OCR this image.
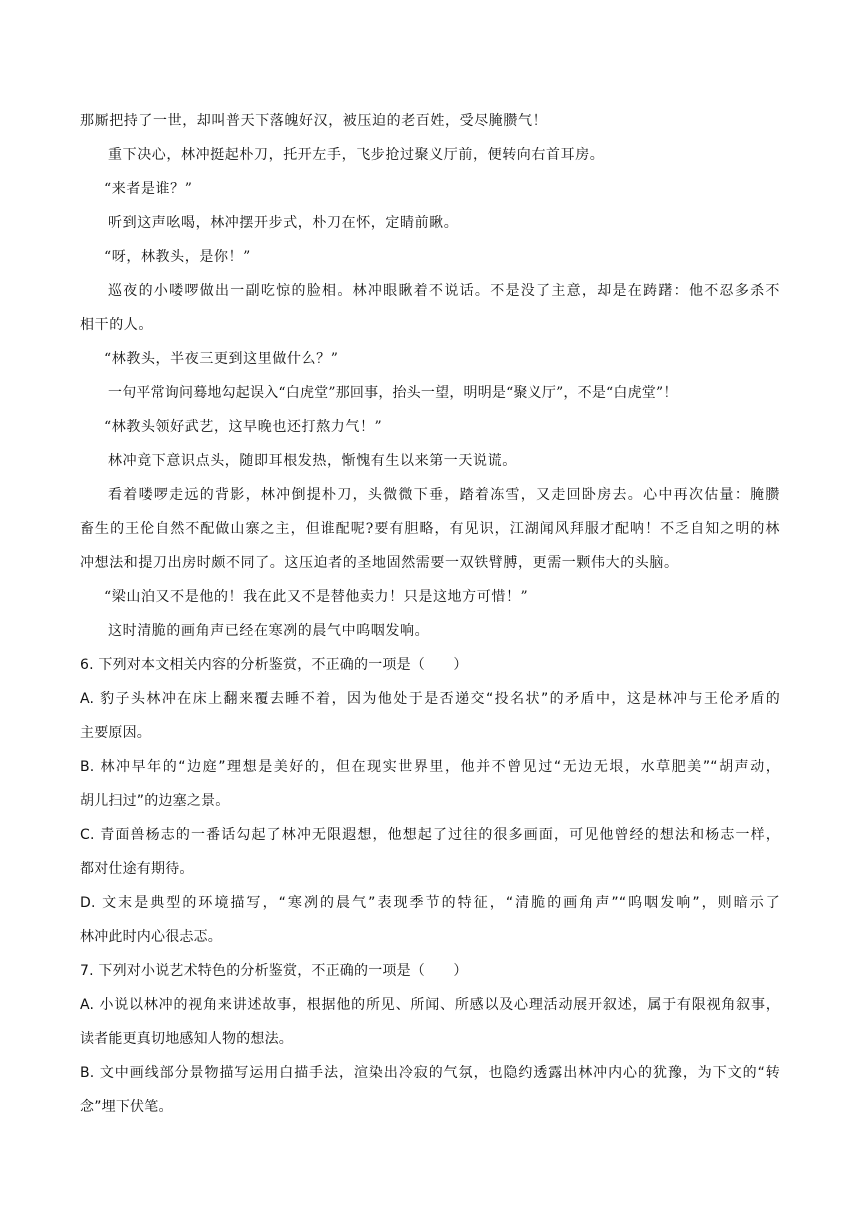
那厮把持了一世，却叫普天下落魄好汉，被压迫的老百姓，受尽腌臜气！
重下决心，林冲挺起朴刀，托开左手，飞步抢过聚义厅前，便转向右首耳房。
“来者是谁？”
听到这声吆喝，林冲摆开步式，朴刀在怀，定睛前瞅。
“呀，林教头，是你！”
巡夜的小喽啰做出一副吃惊的脸相。林冲眼瞅着不说话。不是没了主意，却是在踌躇：他不忍多杀不
相干的人。
“林教头，半夜三更到这里做什么？”
一句平常询问蓦地勾起误入“白虎堂”那回事，抬头一望，明明是“聚义厅”，不是“白虎堂”！
“林教头领好武艺，这早晚也还打熬力气！”
林冲竟下意识点头，随即耳根发热，惭愧有生以来第一天说谎。
看着喽啰走远的背影，林冲倒提朴刀，头微微下垂，踏着冻雪，又走回卧房去。心中再次估量：腌臜
畜生的王伦自然不配做山寨之主，但谁配呢?要有胆略，有见识，江湖闻风拜服才配呐！不乏自知之明的林
冲想法和提刀出房时颇不同了。这压迫者的圣地固然需要一双铁臂膊，更需一颗伟大的头脑。
“梁山泊又不是他的！我在此又不是替他卖力！只是这地方可惜！”
这时清脆的画角声已经在寒冽的晨气中呜咽发响。
6. 下列对本文相关内容的分析鉴赏，不正确的一项是（　　）
A. 豹子头林冲在床上翻来覆去睡不着，因为他处于是否递交“投名状”的矛盾中，这是林冲与王伦矛盾的
主要原因。
B. 林冲早年的“边庭”理想是美好的，但在现实世界里，他并不曾见过“无边无垠，水草肥美”“胡声动，
胡儿扫过”的边塞之景。
C. 青面兽杨志的一番话勾起了林冲无限遐想，他想起了过往的很多画面，可见他曾经的想法和杨志一样，
都对仕途有期待。
D. 文末是典型的环境描写，“寒冽的晨气”表现季节的特征，“清脆的画角声”“呜咽发响”，则暗示了
林冲此时内心很忐忑。
7. 下列对小说艺术特色的分析鉴赏，不正确的一项是（　　）
A. 小说以林冲的视角来讲述故事，根据他的所见、所闻、所感以及心理活动展开叙述，属于有限视角叙事，
读者能更真切地感知人物的想法。
B. 文中画线部分景物描写运用白描手法，渲染出冷寂的气氛，也隐约透露出林冲内心的犹豫，为下文的“转
念”埋下伏笔。
